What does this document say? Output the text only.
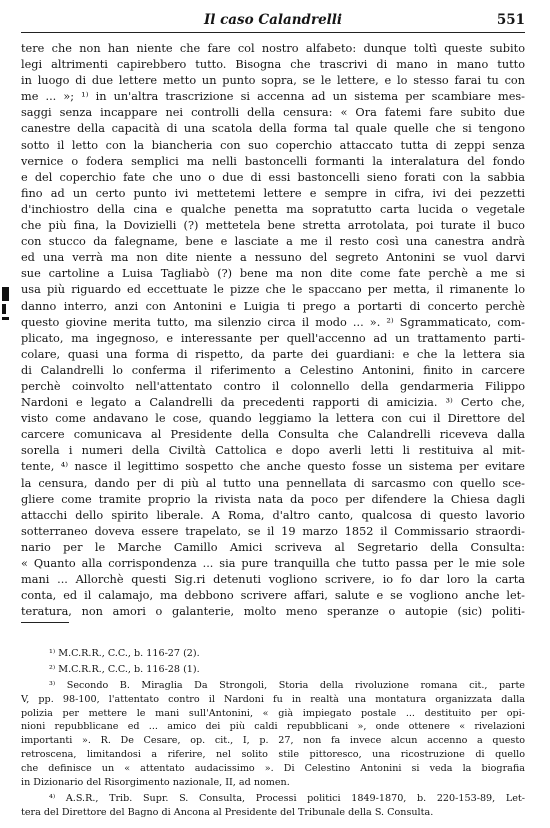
Il caso Calandrelli	551
tere che non han niente che fare col nostro alfabeto: dunque toltì queste subito
legi altrimenti capirebbero tutto. Bisogna che trascrivi di mano in mano tutto
in luogo di due lettere metto un punto sopra, se le lettere, e lo stesso farai tu con
me ... »; ¹⁾ in un'altra trascrizione si accenna ad un sistema per scambiare mes-
saggi senza incappare nei controlli della censura: « Ora fatemi fare subito due
canestre della capacità di una scatola della forma tal quale quelle che si tengono
sotto il letto con la biancheria con suo coperchio attaccato tutta di zeppi senza
vernice o fodera semplici ma nelli bastoncelli formanti la interalatura del fondo
e del coperchio fate che uno o due di essi bastoncelli sieno forati con la sabbia
fino ad un certo punto ivi mettetemi lettere e sempre in cifra, ivi dei pezzetti
d'inchiostro della cina e qualche penetta ma sopratutto carta lucida o vegetale
che più fina, la Dovizielli (?) mettetela bene stretta arrotolata, poi turate il buco
con stucco da falegname, bene e lasciate a me il resto così una canestra andrà
ed una verrà ma non dite niente a nessuno del segreto Antonini se vuol darvi
sue cartoline a Luisa Tagliabò (?) bene ma non dite come fate perchè a me si
usa più riguardo ed eccettuate le pizze che le spaccano per metta, il rimanente lo
danno interro, anzi con Antonini e Luigia ti prego a portarti di concerto perchè
questo giovine merita tutto, ma silenzio circa il modo ... ». ²⁾ Sgrammaticato, com-
plicato, ma ingegnoso, e interessante per quell'accenno ad un trattamento parti-
colare, quasi una forma di rispetto, da parte dei guardiani: e che la lettera sia
di Calandrelli lo conferma il riferimento a Celestino Antonini, finito in carcere
perchè coinvolto nell'attentato contro il colonnello della gendarmeria Filippo
Nardoni e legato a Calandrelli da precedenti rapporti di amicizia. ³⁾ Certo che,
visto come andavano le cose, quando leggiamo la lettera con cui il Direttore del
carcere comunicava al Presidente della Consulta che Calandrelli riceveva dalla
sorella i numeri della Civiltà Cattolica e dopo averli letti li restituiva al mit-
tente, ⁴⁾ nasce il legittimo sospetto che anche questo fosse un sistema per evitare
la censura, dando per di più al tutto una pennellata di sarcasmo con quello sce-
gliere come tramite proprio la rivista nata da poco per difendere la Chiesa dagli
attacchi dello spirito liberale. A Roma, d'altro canto, qualcosa di questo lavorio
sotterraneo doveva essere trapelato, se il 19 marzo 1852 il Commissario straordi-
nario per le Marche Camillo Amici scriveva al Segretario della Consulta:
« Quanto alla corrispondenza ... sia pure tranquilla che tutto passa per le mie sole
mani ... Allorchè questi Sig.ri detenuti vogliono scrivere, io fo dar loro la carta
conta, ed il calamajo, ma debbono scrivere affari, salute e se vogliono anche let-
teratura, non amori o galanterie, molto meno speranze o autopie (sic) politi-
¹⁾ M.C.R.R., C.C., b. 116-27 (2).
²⁾ M.C.R.R., C.C., b. 116-28 (1).
³⁾ Secondo B. Miraglia Da Strongoli, Storia della rivoluzione romana cit., parte
V, pp. 98-100, l'attentato contro il Nardoni fu in realtà una montatura organizzata dalla
polizia per mettere le mani sull'Antonini, « già impiegato postale ... destituito per opi-
nioni repubblicane ed ... amico dei più caldi repubblicani », onde ottenere « rivelazioni
importanti ». R. De Cesare, op. cit., I, p. 27, non fa invece alcun accenno a questo
retroscena, limitandosi a riferire, nel solito stile pittoresco, una ricostruzione di quello
che definisce un « attentato audacissimo ». Di Celestino Antonini si veda la biografia
in Dizionario del Risorgimento nazionale, II, ad nomen.
⁴⁾ A.S.R., Trib. Supr. S. Consulta, Processi politici 1849-1870, b. 220-153-89, Let-
tera del Direttore del Bagno di Ancona al Presidente del Tribunale della S. Consulta.
